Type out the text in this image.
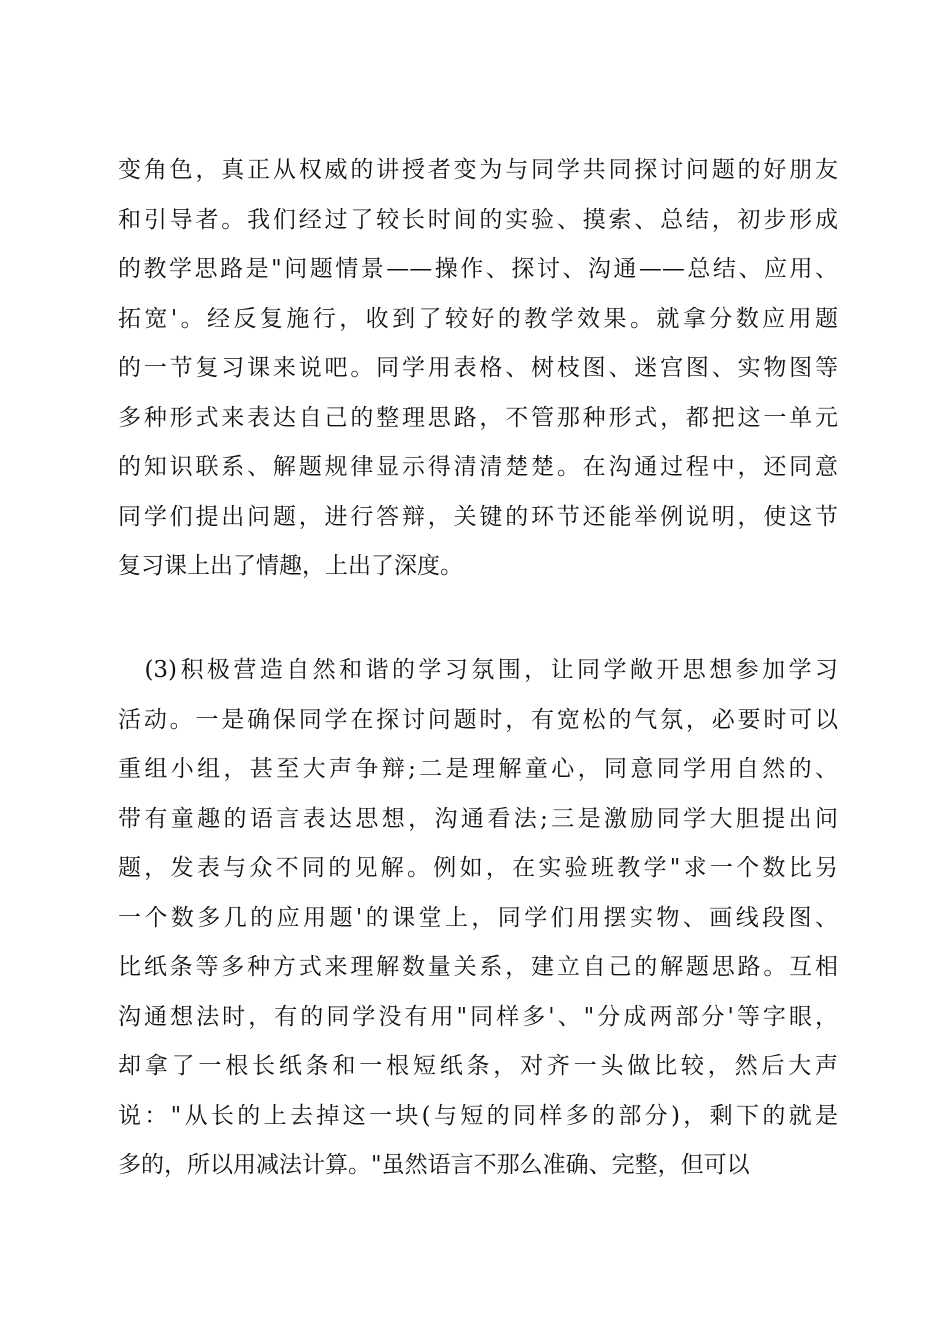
变角色，真正从权威的讲授者变为与同学共同探讨问题的好朋友
和引导者。我们经过了较长时间的实验、摸索、总结，初步形成
的教学思路是"问题情景——操作、探讨、沟通——总结、应用、
拓宽'。经反复施行，收到了较好的教学效果。就拿分数应用题
的一节复习课来说吧。同学用表格、树枝图、迷宫图、实物图等
多种形式来表达自己的整理思路，不管那种形式，都把这一单元
的知识联系、解题规律显示得清清楚楚。在沟通过程中，还同意
同学们提出问题，进行答辩，关键的环节还能举例说明，使这节
复习课上出了情趣，上出了深度。
　(3)积极营造自然和谐的学习氛围，让同学敞开思想参加学习
活动。一是确保同学在探讨问题时，有宽松的气氛，必要时可以
重组小组，甚至大声争辩;二是理解童心，同意同学用自然的、
带有童趣的语言表达思想，沟通看法;三是激励同学大胆提出问
题，发表与众不同的见解。例如，在实验班教学"求一个数比另
一个数多几的应用题'的课堂上，同学们用摆实物、画线段图、
比纸条等多种方式来理解数量关系，建立自己的解题思路。互相
沟通想法时，有的同学没有用"同样多'、"分成两部分'等字眼，
却拿了一根长纸条和一根短纸条，对齐一头做比较，然后大声
说："从长的上去掉这一块(与短的同样多的部分)，剩下的就是
多的，所以用减法计算。"虽然语言不那么准确、完整，但可以
